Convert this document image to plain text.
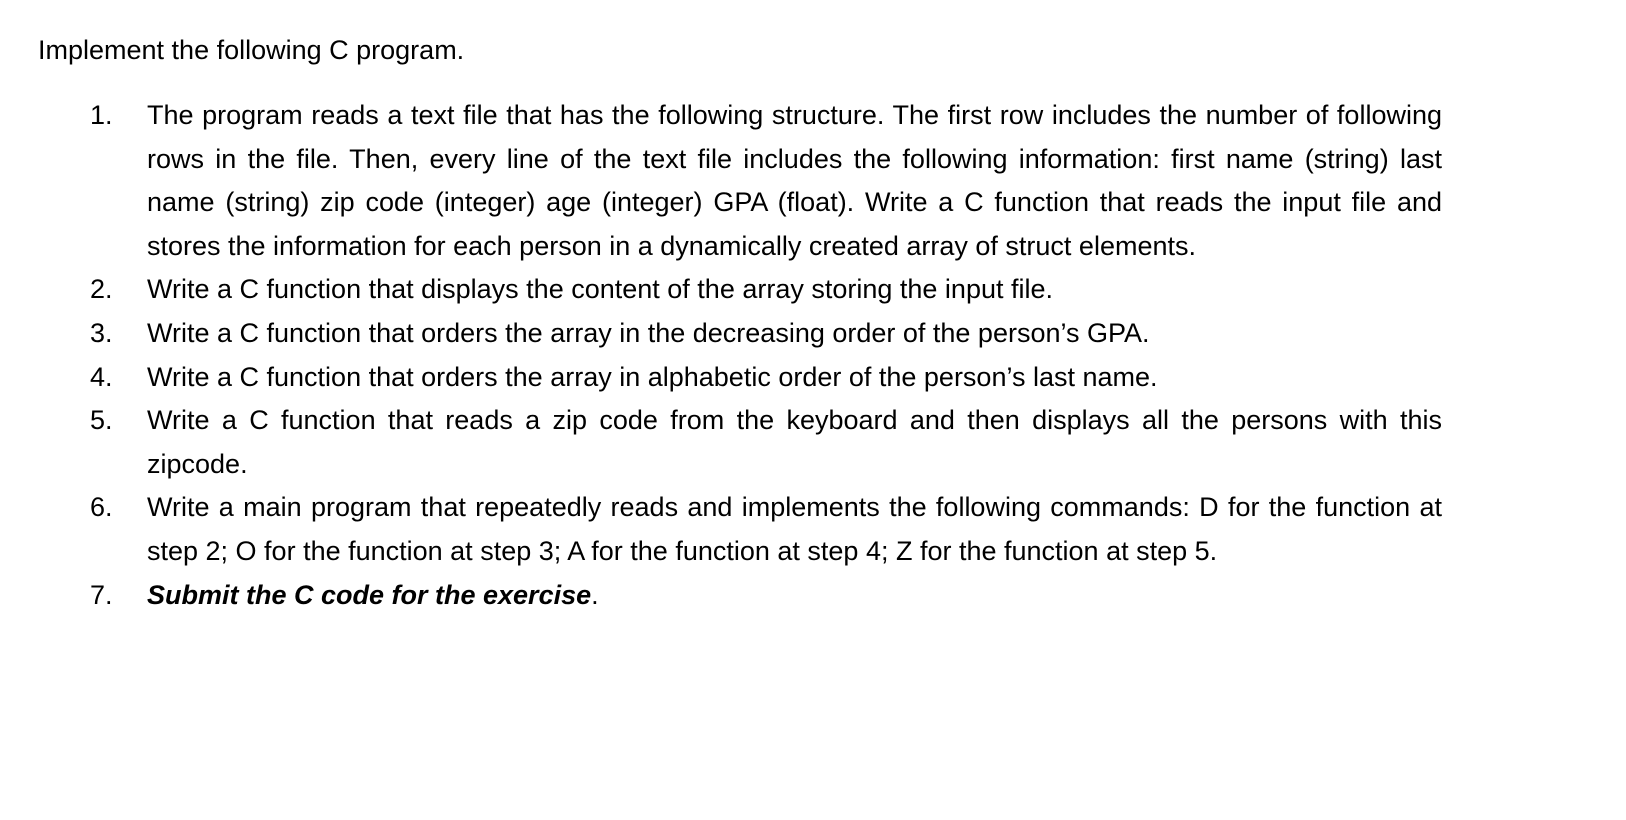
Implement the following C program.
1.	The program reads a text file that has the following structure. The first row includes the number of following rows in the file. Then, every line of the text file includes the following information: first name (string) last name (string) zip code (integer) age (integer) GPA (float). Write a C function that reads the input file and stores the information for each person in a dynamically created array of struct elements.
2.	Write a C function that displays the content of the array storing the input file.
3.	Write a C function that orders the array in the decreasing order of the person’s GPA.
4.	Write a C function that orders the array in alphabetic order of the person’s last name.
5.	Write a C function that reads a zip code from the keyboard and then displays all the persons with this zipcode.
6.	Write a main program that repeatedly reads and implements the following commands: D for the function at step 2; O for the function at step 3; A for the function at step 4; Z for the function at step 5.
7.	Submit the C code for the exercise.
